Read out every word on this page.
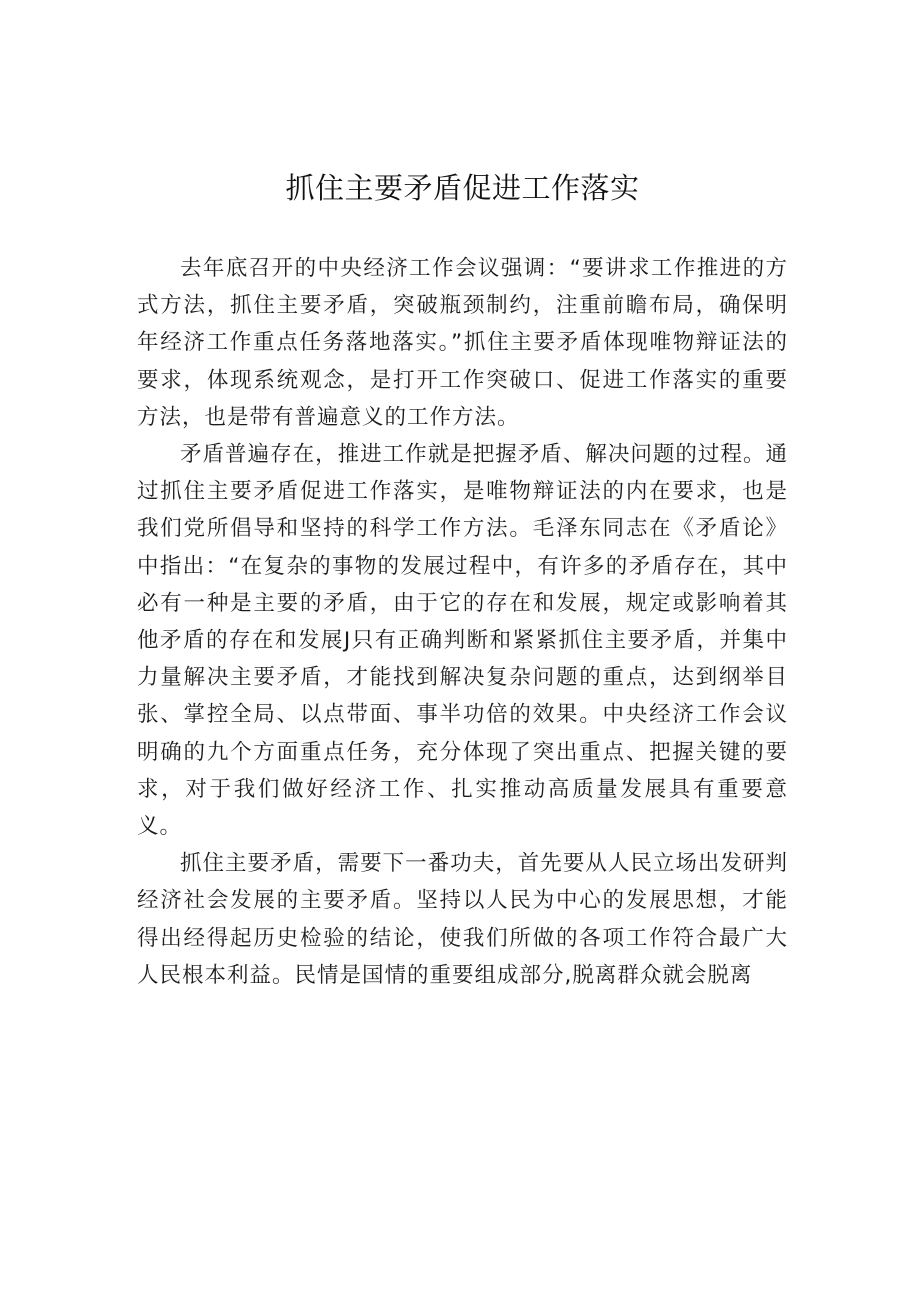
抓住主要矛盾促进工作落实

去年底召开的中央经济工作会议强调：“要讲求工作推进的方式方法，抓住主要矛盾，突破瓶颈制约，注重前瞻布局，确保明年经济工作重点任务落地落实。”抓住主要矛盾体现唯物辩证法的要求，体现系统观念，是打开工作突破口、促进工作落实的重要方法，也是带有普遍意义的工作方法。

矛盾普遍存在，推进工作就是把握矛盾、解决问题的过程。通过抓住主要矛盾促进工作落实，是唯物辩证法的内在要求，也是我们党所倡导和坚持的科学工作方法。毛泽东同志在《矛盾论》中指出：“在复杂的事物的发展过程中，有许多的矛盾存在，其中必有一种是主要的矛盾，由于它的存在和发展，规定或影响着其他矛盾的存在和发展J只有正确判断和紧紧抓住主要矛盾，并集中力量解决主要矛盾，才能找到解决复杂问题的重点，达到纲举目张、掌控全局、以点带面、事半功倍的效果。中央经济工作会议明确的九个方面重点任务，充分体现了突出重点、把握关键的要求，对于我们做好经济工作、扎实推动高质量发展具有重要意义。

抓住主要矛盾，需要下一番功夫，首先要从人民立场出发研判经济社会发展的主要矛盾。坚持以人民为中心的发展思想，才能得出经得起历史检验的结论，使我们所做的各项工作符合最广大人民根本利益。民情是国情的重要组成部分,脱离群众就会脱离
